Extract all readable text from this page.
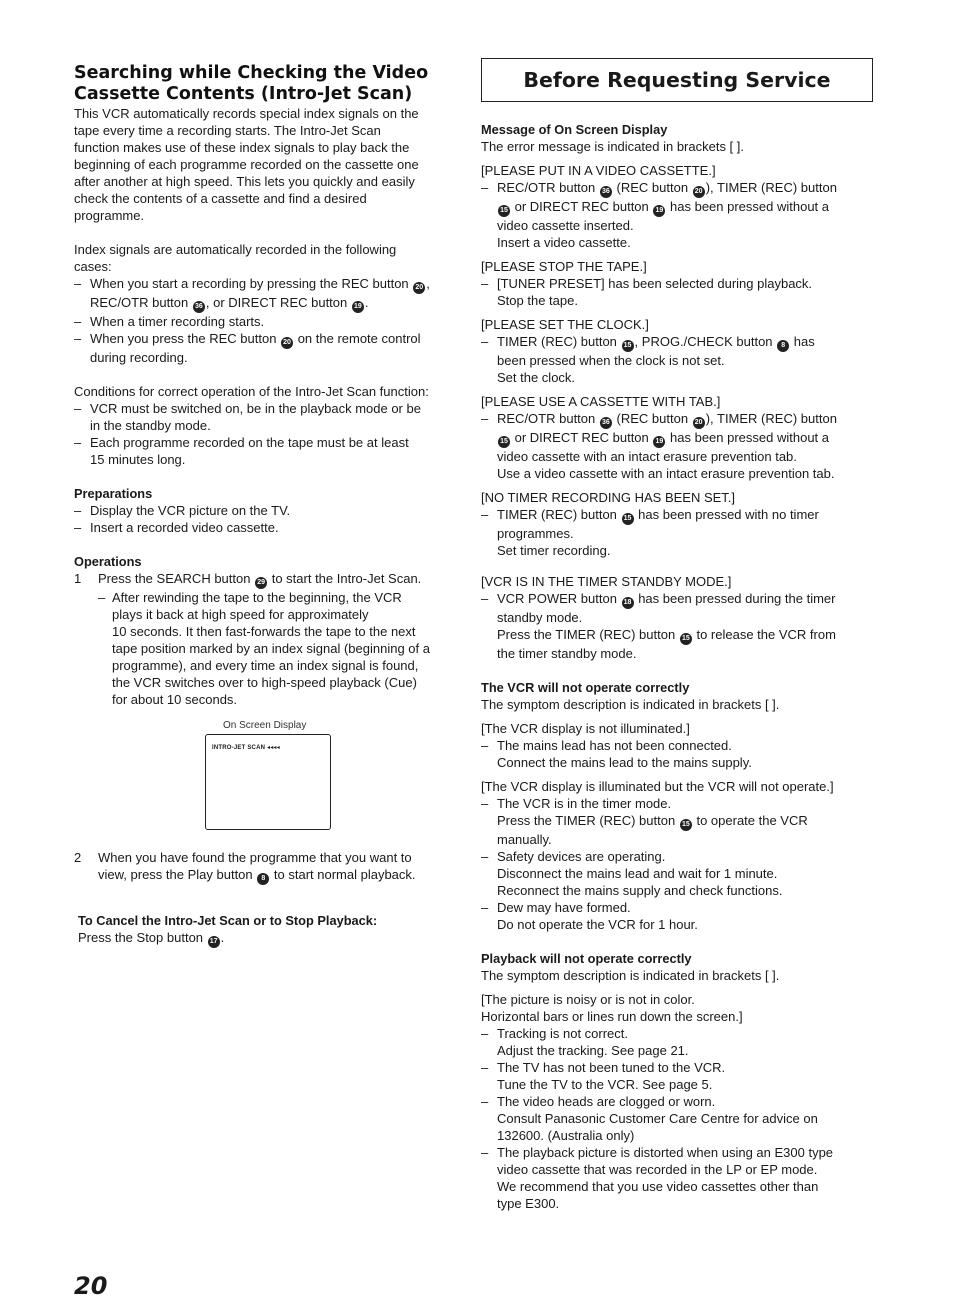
Searching while Checking the Video
Cassette Contents (Intro-Jet Scan)
This VCR automatically records special index signals on the
tape every time a recording starts. The Intro-Jet Scan
function makes use of these index signals to play back the
beginning of each programme recorded on the cassette one
after another at high speed. This lets you quickly and easily
check the contents of a cassette and find a desired
programme.
Index signals are automatically recorded in the following
cases:
– When you start a recording by pressing the REC button 20 ,
REC/OTR button 36 , or DIRECT REC button 19 .
– When a timer recording starts.
– When you press the REC button 20 on the remote control
during recording.
Conditions for correct operation of the Intro-Jet Scan function:
– VCR must be switched on, be in the playback mode or be
in the standby mode.
– Each programme recorded on the tape must be at least
15 minutes long.
Preparations
– Display the VCR picture on the TV.
– Insert a recorded video cassette.
Operations
1 Press the SEARCH button 29 to start the Intro-Jet Scan.
– After rewinding the tape to the beginning, the VCR
plays it back at high speed for approximately
10 seconds. It then fast-forwards the tape to the next
tape position marked by an index signal (beginning of a
programme), and every time an index signal is found,
the VCR switches over to high-speed playback (Cue)
for about 10 seconds.
On Screen Display
INTRO-JET SCAN ◂◂◂◂
2 When you have found the programme that you want to
view, press the Play button 8 to start normal playback.
To Cancel the Intro-Jet Scan or to Stop Playback:
Press the Stop button 17 .
Before Requesting Service
Message of On Screen Display
The error message is indicated in brackets [ ].
[PLEASE PUT IN A VIDEO CASSETTE.]
– REC/OTR button 36 (REC button 20 ), TIMER (REC) button
15 or DIRECT REC button 19 has been pressed without a
video cassette inserted.
Insert a video cassette.
[PLEASE STOP THE TAPE.]
– [TUNER PRESET] has been selected during playback.
Stop the tape.
[PLEASE SET THE CLOCK.]
– TIMER (REC) button 15 , PROG./CHECK button 8 has
been pressed when the clock is not set.
Set the clock.
[PLEASE USE A CASSETTE WITH TAB.]
– REC/OTR button 36 (REC button 20 ), TIMER (REC) button
15 or DIRECT REC button 19 has been pressed without a
video cassette with an intact erasure prevention tab.
Use a video cassette with an intact erasure prevention tab.
[NO TIMER RECORDING HAS BEEN SET.]
– TIMER (REC) button 15 has been pressed with no timer
programmes.
Set timer recording.
[VCR IS IN THE TIMER STANDBY MODE.]
– VCR POWER button 18 has been pressed during the timer
standby mode.
Press the TIMER (REC) button 15 to release the VCR from
the timer standby mode.
The VCR will not operate correctly
The symptom description is indicated in brackets [ ].
[The VCR display is not illuminated.]
– The mains lead has not been connected.
Connect the mains lead to the mains supply.
[The VCR display is illuminated but the VCR will not operate.]
– The VCR is in the timer mode.
Press the TIMER (REC) button 15 to operate the VCR
manually.
– Safety devices are operating.
Disconnect the mains lead and wait for 1 minute.
Reconnect the mains supply and check functions.
– Dew may have formed.
Do not operate the VCR for 1 hour.
Playback will not operate correctly
The symptom description is indicated in brackets [ ].
[The picture is noisy or is not in color.
Horizontal bars or lines run down the screen.]
– Tracking is not correct.
Adjust the tracking. See page 21.
– The TV has not been tuned to the VCR.
Tune the TV to the VCR. See page 5.
– The video heads are clogged or worn.
Consult Panasonic Customer Care Centre for advice on
132600. (Australia only)
– The playback picture is distorted when using an E300 type
video cassette that was recorded in the LP or EP mode.
We recommend that you use video cassettes other than
type E300.
20
